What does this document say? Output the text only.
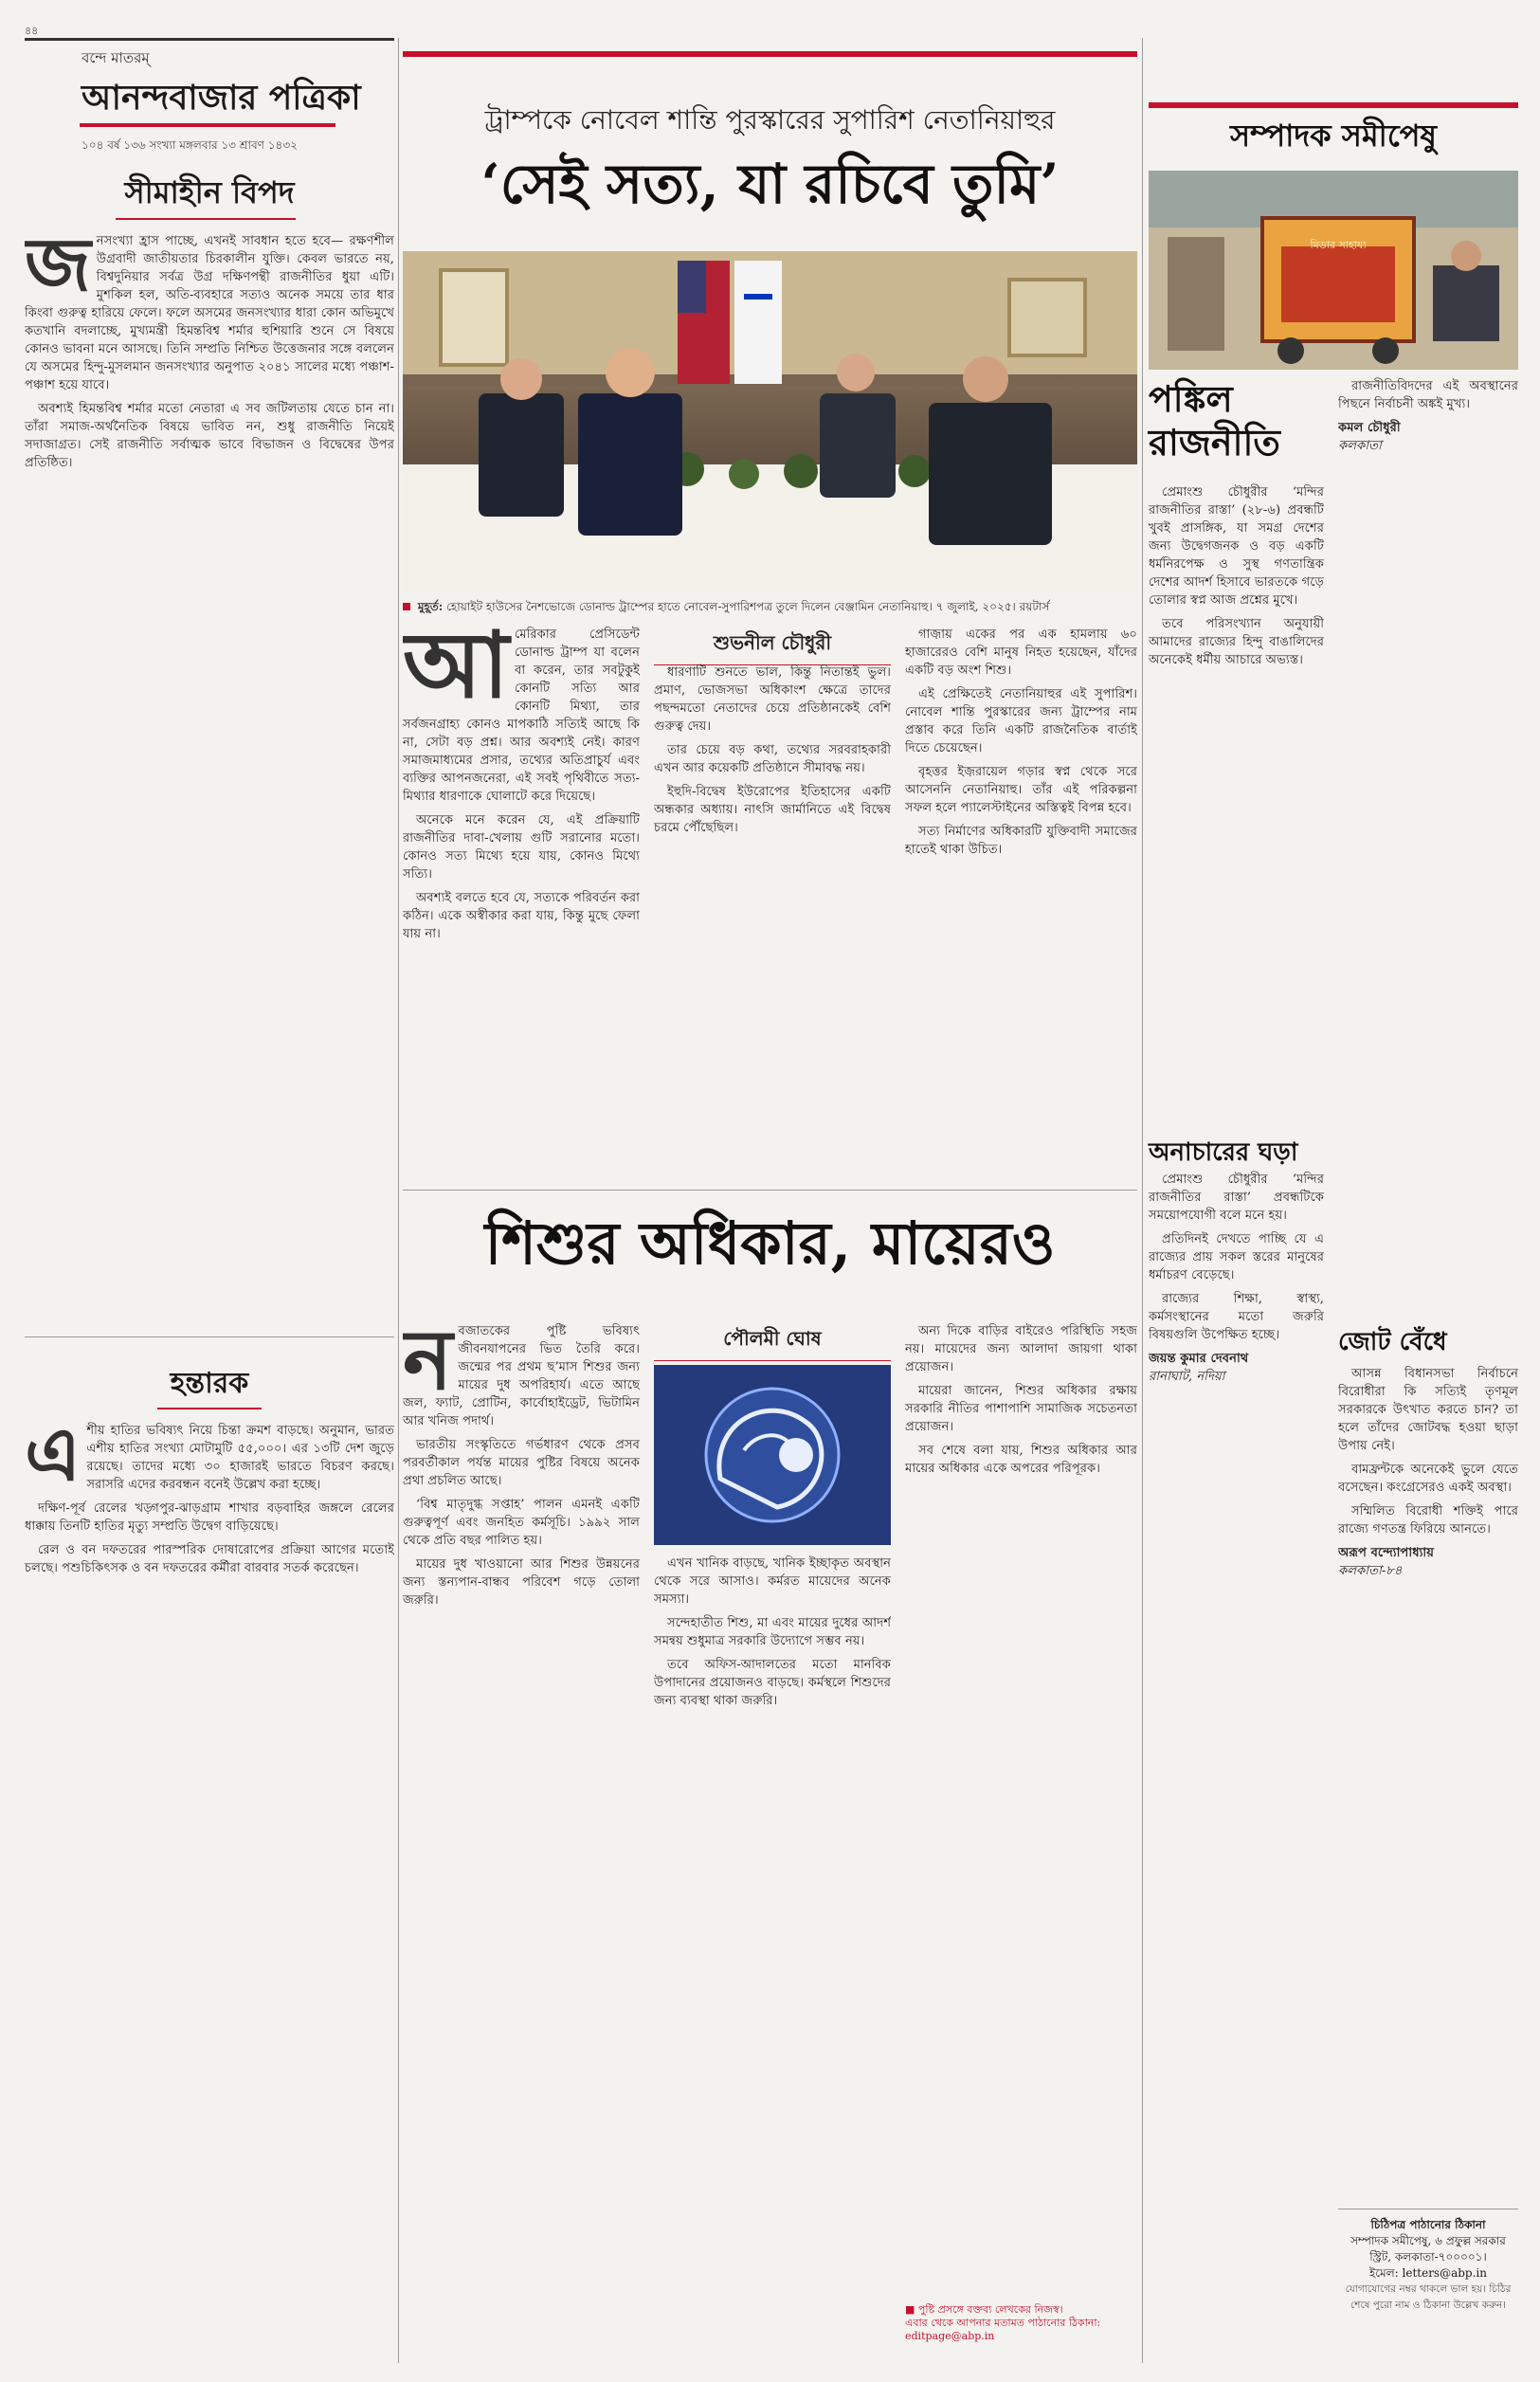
৪৪
বন্দে মাতরম্
আনন্দবাজার পত্রিকা
১০৪ বর্ষ ১৩৬ সংখ্যা মঙ্গলবার ১৩ শ্রাবণ ১৪৩২
সীমাহীন বিপদ
জ নসংখ্যা হ্রাস পাচ্ছে, এখনই সাবধান হতে হবে— রক্ষণশীল উগ্রবাদী জাতীয়তার চিরকালীন যুক্তি। কেবল ভারতে নয়, বিশ্বদুনিয়ার সর্বত্র উগ্র দক্ষিণপন্থী রাজনীতির ধুয়া এটি। মুশকিল হল, অতি-ব্যবহারে সত্যও অনেক সময়ে তার ধার কিংবা গুরুত্ব হারিয়ে ফেলে। ফলে অসমের জনসংখ্যার ধারা কোন অভিমুখে কতখানি বদলাচ্ছে, মুখ্যমন্ত্রী হিমন্তবিশ্ব শর্মার হুশিয়ারি শুনে সে বিষয়ে কোনও ভাবনা মনে আসছে। তিনি সম্প্রতি নিশ্চিত উত্তেজনার সঙ্গে বললেন যে অসমের হিন্দু-মুসলমান জনসংখ্যার অনুপাত ২০৪১ সালের মধ্যে পঞ্চাশ-পঞ্চাশ হয়ে যাবে।

অবশ্যই হিমন্তবিশ্ব শর্মার মতো নেতারা এ সব জটিলতায় যেতে চান না। তাঁরা সমাজ-অর্থনৈতিক বিষয়ে ভাবিত নন, শুধু রাজনীতি নিয়েই সদাজাগ্রত। সেই রাজনীতি সর্বাত্মক ভাবে বিভাজন ও বিদ্বেষের উপর প্রতিষ্ঠিত।

হন্তারক
এ শীয় হাতির ভবিষ্যৎ নিয়ে চিন্তা ক্রমশ বাড়ছে। অনুমান, ভারত এশীয় হাতির সংখ্যা মোটামুটি ৫৫,০০০। এর ১৩টি দেশ জুড়ে রয়েছে। তাদের মধ্যে ৩০ হাজারই ভারতে বিচরণ করছে। সরাসরি এদের করবন্ধন বনেই উল্লেখ করা হচ্ছে।

দক্ষিণ-পূর্ব রেলের খড়্গপুর-ঝাড়গ্রাম শাখার বড়বাহির জঙ্গলে রেলের ধাক্কায় তিনটি হাতির মৃত্যু সম্প্রতি উদ্বেগ বাড়িয়েছে।

রেল ও বন দফতরের পারস্পরিক দোষারোপের প্রক্রিয়া আগের মতোই চলছে। পশুচিকিৎসক ও বন দফতরের কর্মীরা বারবার সতর্ক করেছেন।

ট্রাম্পকে নোবেল শান্তি পুরস্কারের সুপারিশ নেতানিয়াহুর
‘সেই সত্য, যা রচিবে তুমি’
মুহূর্ত: হোয়াইট হাউসের নৈশভোজে ডোনাল্ড ট্রাম্পের হাতে নোবেল-সুপারিশপত্র তুলে দিলেন বেঞ্জামিন নেতানিয়াহু। ৭ জুলাই, ২০২৫। রয়টার্স
আ মেরিকার প্রেসিডেন্ট ডোনাল্ড ট্রাম্প যা বলেন বা করেন, তার সবটুকুই কোনটি সত্যি আর কোনটি মিথ্যা, তার সর্বজনগ্রাহ্য কোনও মাপকাঠি সত্যিই আছে কি না, সেটা বড় প্রশ্ন। আর অবশ্যই নেই। কারণ সমাজমাধ্যমের প্রসার, তথ্যের অতিপ্রাচুর্য এবং ব্যক্তির আপনজনেরা, এই সবই পৃথিবীতে সত্য-মিথ্যার ধারণাকে ঘোলাটে করে দিয়েছে।

অনেকে মনে করেন যে, এই প্রক্রিয়াটি রাজনীতির দাবা-খেলায় গুটি সরানোর মতো। কোনও সত্য মিথ্যে হয়ে যায়, কোনও মিথ্যে সত্যি।

অবশ্যই বলতে হবে যে, সত্যকে পরিবর্তন করা কঠিন। একে অস্বীকার করা যায়, কিন্তু মুছে ফেলা যায় না।

শুভনীল চৌধুরী

ধারণাটি শুনতে ভাল, কিন্তু নিতান্তই ভুল। প্রমাণ, ভোজসভা অধিকাংশ ক্ষেত্রে তাদের পছন্দমতো নেতাদের চেয়ে প্রতিষ্ঠানকেই বেশি গুরুত্ব দেয়।

তার চেয়ে বড় কথা, তথ্যের সরবরাহকারী এখন আর কয়েকটি প্রতিষ্ঠানে সীমাবদ্ধ নয়।

ইহুদি-বিদ্বেষ ইউরোপের ইতিহাসের একটি অন্ধকার অধ্যায়। নাৎসি জার্মানিতে এই বিদ্বেষ চরমে পৌঁছেছিল।

গাজ়ায় একের পর এক হামলায় ৬০ হাজারেরও বেশি মানুষ নিহত হয়েছেন, যাঁদের একটি বড় অংশ শিশু।

এই প্রেক্ষিতেই নেতানিয়াহুর এই সুপারিশ। নোবেল শান্তি পুরস্কারের জন্য ট্রাম্পের নাম প্রস্তাব করে তিনি একটি রাজনৈতিক বার্তাই দিতে চেয়েছেন।

বৃহত্তর ইজ়রায়েল গড়ার স্বপ্ন থেকে সরে আসেননি নেতানিয়াহু। তাঁর এই পরিকল্পনা সফল হলে প্যালেস্টাইনের অস্তিত্বই বিপন্ন হবে।

সত্য নির্মাণের অধিকারটি যুক্তিবাদী সমাজের হাতেই থাকা উচিত।

শিশুর অধিকার, মায়েরও
ন বজাতকের পুষ্টি ভবিষ্যৎ জীবনযাপনের ভিত তৈরি করে। জন্মের পর প্রথম ছ’মাস শিশুর জন্য মায়ের দুধ অপরিহার্য। এতে আছে জল, ফ্যাট, প্রোটিন, কার্বোহাইড্রেট, ভিটামিন আর খনিজ পদার্থ।

ভারতীয় সংস্কৃতিতে গর্ভধারণ থেকে প্রসব পরবর্তীকাল পর্যন্ত মায়ের পুষ্টির বিষয়ে অনেক প্রথা প্রচলিত আছে।

‘বিশ্ব মাতৃদুগ্ধ সপ্তাহ’ পালন এমনই একটি গুরুত্বপূর্ণ এবং জনহিত কর্মসূচি। ১৯৯২ সাল থেকে প্রতি বছর পালিত হয়।

মায়ের দুধ খাওয়ানো আর শিশুর উন্নয়নের জন্য স্তন্যপান-বান্ধব পরিবেশ গড়ে তোলা জরুরি।

পৌলমী ঘোষ

এখন খানিক বাড়ছে, খানিক ইচ্ছাকৃত অবস্থান থেকে সরে আসাও। কর্মরত মায়েদের অনেক সমস্যা।

সন্দেহাতীত শিশু, মা এবং মায়ের দুধের আদর্শ সমন্বয় শুধুমাত্র সরকারি উদ্যোগে সম্ভব নয়।

তবে অফিস-আদালতের মতো মানবিক উপাদানের প্রয়োজনও বাড়ছে। কর্মস্থলে শিশুদের জন্য ব্যবস্থা থাকা জরুরি।

অন্য দিকে বাড়ির বাইরেও পরিস্থিতি সহজ নয়। মায়েদের জন্য আলাদা জায়গা থাকা প্রয়োজন।

মায়েরা জানেন, শিশুর অধিকার রক্ষায় সরকারি নীতির পাশাপাশি সামাজিক সচেতনতা প্রয়োজন।

সব শেষে বলা যায়, শিশুর অধিকার আর মায়ের অধিকার একে অপরের পরিপূরক।

■ পুষ্টি প্রসঙ্গে বক্তব্য লেখকের নিজস্ব।
এবার থেকে আপনার মতামত পাঠানোর ঠিকানা: editpage@abp.in
সম্পাদক সমীপেষু
মিডার সাহায্য
পঙ্কিল রাজনীতি

প্রেমাংশু চৌধুরীর ‘মন্দির রাজনীতির রাস্তা’ (২৮-৬) প্রবন্ধটি খুবই প্রাসঙ্গিক, যা সমগ্র দেশের জন্য উদ্বেগজনক ও বড় একটি ধর্মনিরপেক্ষ ও সুস্থ গণতান্ত্রিক দেশের আদর্শ হিসাবে ভারতকে গড়ে তোলার স্বপ্ন আজ প্রশ্নের মুখে।

তবে পরিসংখ্যান অনুযায়ী আমাদের রাজ্যের হিন্দু বাঙালিদের অনেকেই ধর্মীয় আচারে অভ্যস্ত।

রাজনীতিবিদদের এই অবস্থানের পিছনে নির্বাচনী অঙ্কই মুখ্য।

কমল চৌধুরী
কলকাতা
অনাচারের ঘড়া

প্রেমাংশু চৌধুরীর ‘মন্দির রাজনীতির রাস্তা’ প্রবন্ধটিকে সময়োপযোগী বলে মনে হয়।

প্রতিদিনই দেখতে পাচ্ছি যে এ রাজ্যের প্রায় সকল স্তরের মানুষের ধর্মাচরণ বেড়েছে।

রাজ্যের শিক্ষা, স্বাস্থ্য, কর্মসংস্থানের মতো জরুরি বিষয়গুলি উপেক্ষিত হচ্ছে।

জয়ন্ত কুমার দেবনাথ
রানাঘাট, নদিয়া
জোট বেঁধে

আসন্ন বিধানসভা নির্বাচনে বিরোধীরা কি সত্যিই তৃণমূল সরকারকে উৎখাত করতে চান? তা হলে তাঁদের জোটবদ্ধ হওয়া ছাড়া উপায় নেই।

বামফ্রন্টকে অনেকেই ভুলে যেতে বসেছেন। কংগ্রেসেরও একই অবস্থা।

সম্মিলিত বিরোধী শক্তিই পারে রাজ্যে গণতন্ত্র ফিরিয়ে আনতে।

অরূপ বন্দ্যোপাধ্যায়
কলকাতা-৮৪
চিঠিপত্র পাঠানোর ঠিকানা
সম্পাদক সমীপেষু, ৬ প্রফুল্ল সরকার স্ট্রিট, কলকাতা-৭০০০০১।
ইমেল: letters@abp.in
যোগাযোগের নম্বর থাকলে ভাল হয়। চিঠির শেষে পুরো নাম ও ঠিকানা উল্লেখ করুন।
